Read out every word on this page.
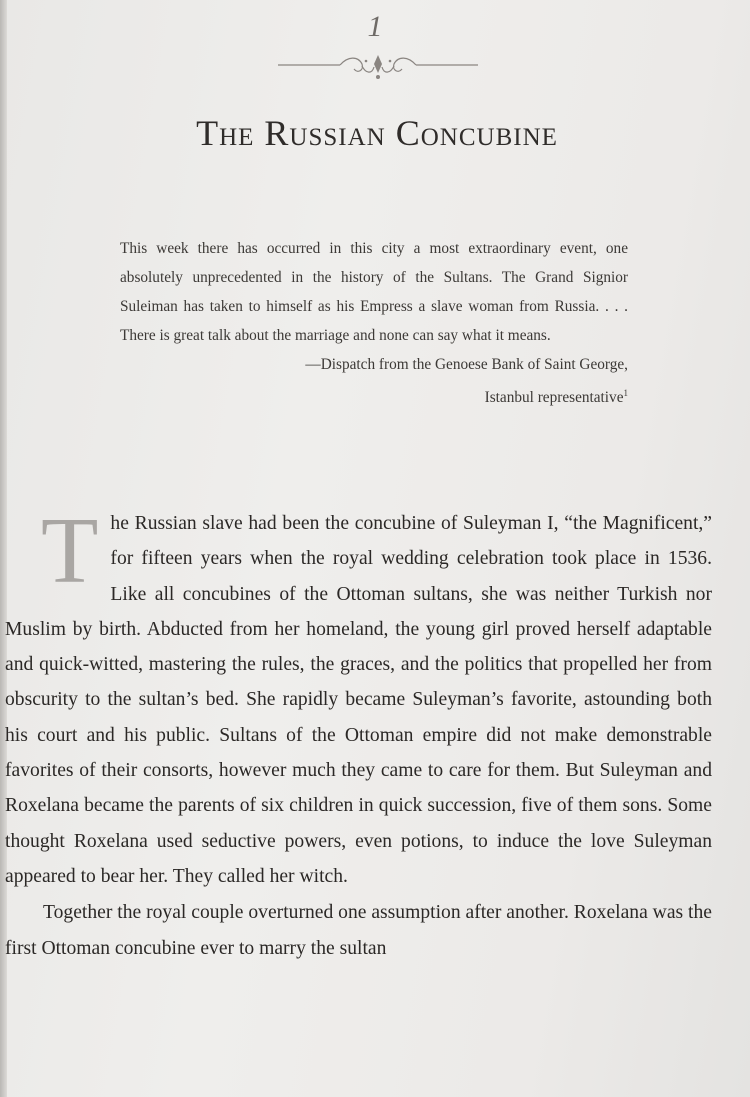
1
The Russian Concubine
This week there has occurred in this city a most extraordinary event, one absolutely unprecedented in the history of the Sultans. The Grand Signior Suleiman has taken to himself as his Empress a slave woman from Russia. . . . There is great talk about the marriage and none can say what it means.
—Dispatch from the Genoese Bank of Saint George,
Istanbul representative$^1$

The Russian slave had been the concubine of Suleyman I, “the Magnificent,” for fifteen years when the royal wedding celebration took place in 1536. Like all concubines of the Ottoman sultans, she was neither Turkish nor Muslim by birth. Abducted from her homeland, the young girl proved herself adaptable and quick-witted, mastering the rules, the graces, and the politics that propelled her from obscurity to the sultan’s bed. She rapidly became Suleyman’s favorite, astounding both his court and his public. Sultans of the Ottoman empire did not make demonstrable favorites of their consorts, however much they came to care for them. But Suleyman and Roxelana became the parents of six children in quick succession, five of them sons. Some thought Roxelana used seductive powers, even potions, to induce the love Suleyman appeared to bear her. They called her witch.

Together the royal couple overturned one assumption after another. Roxelana was the first Ottoman concubine ever to marry the sultan
